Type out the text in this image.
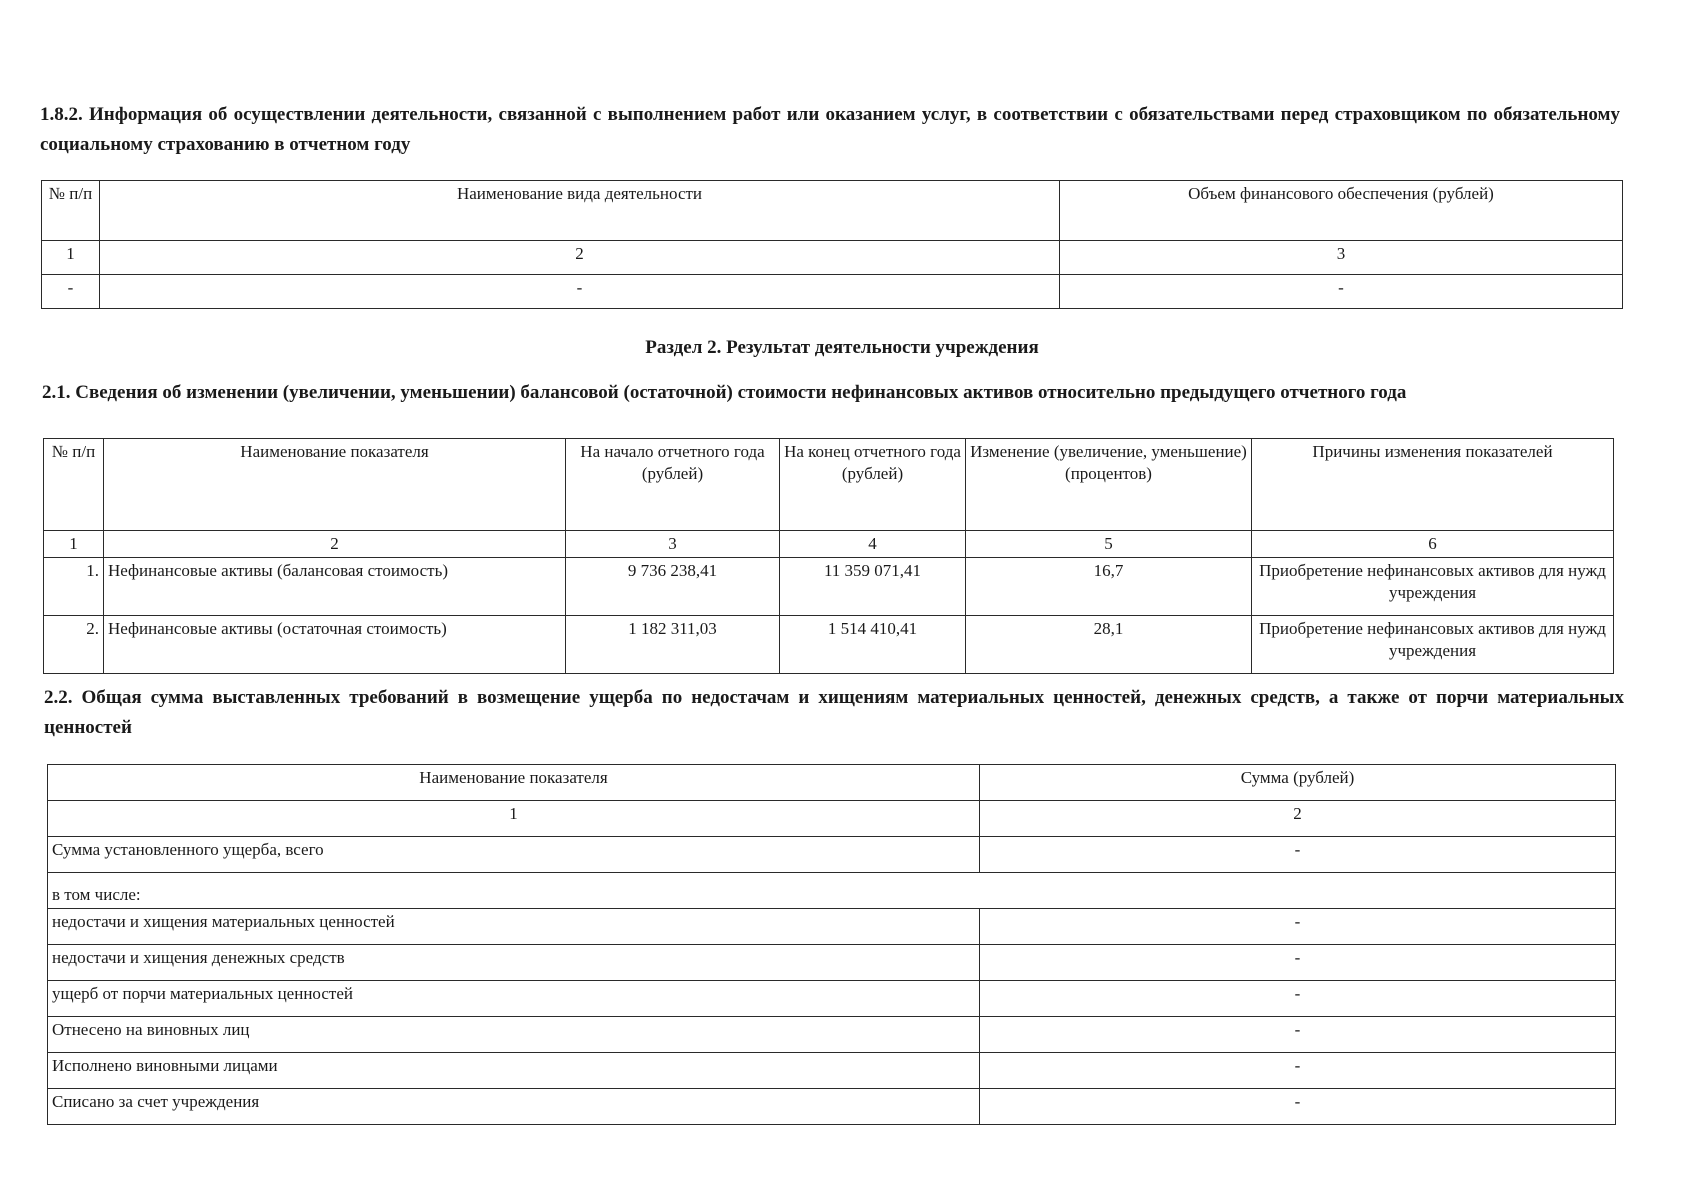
1.8.2. Информация об осуществлении деятельности, связанной с выполнением работ или оказанием услуг, в соответствии с обязательствами перед страховщиком по обязательному социальному страхованию в отчетном году
№ п/п	Наименование вида деятельности	Объем финансового обеспечения (рублей)
1	2	3
-	-	-
Раздел 2. Результат деятельности учреждения
2.1. Сведения об изменении (увеличении, уменьшении) балансовой (остаточной) стоимости нефинансовых активов относительно предыдущего отчетного года
№ п/п	Наименование показателя	На начало отчетного года (рублей)	На конец отчетного года (рублей)	Изменение (увеличение, уменьшение) (процентов)	Причины изменения показателей
1	2	3	4	5	6
1.	Нефинансовые активы (балансовая стоимость)	9 736 238,41	11 359 071,41	16,7	Приобретение нефинансовых активов для нужд учреждения
2.	Нефинансовые активы (остаточная стоимость)	1 182 311,03	1 514 410,41	28,1	Приобретение нефинансовых активов для нужд учреждения
2.2. Общая сумма выставленных требований в возмещение ущерба по недостачам и хищениям материальных ценностей, денежных средств, а также от порчи материальных ценностей
Наименование показателя	Сумма (рублей)
1	2
Сумма установленного ущерба, всего	-
в том числе:	
недостачи и хищения материальных ценностей	-
недостачи и хищения денежных средств	-
ущерб от порчи материальных ценностей	-
Отнесено на виновных лиц	-
Исполнено виновными лицами	-
Списано за счет учреждения	-
